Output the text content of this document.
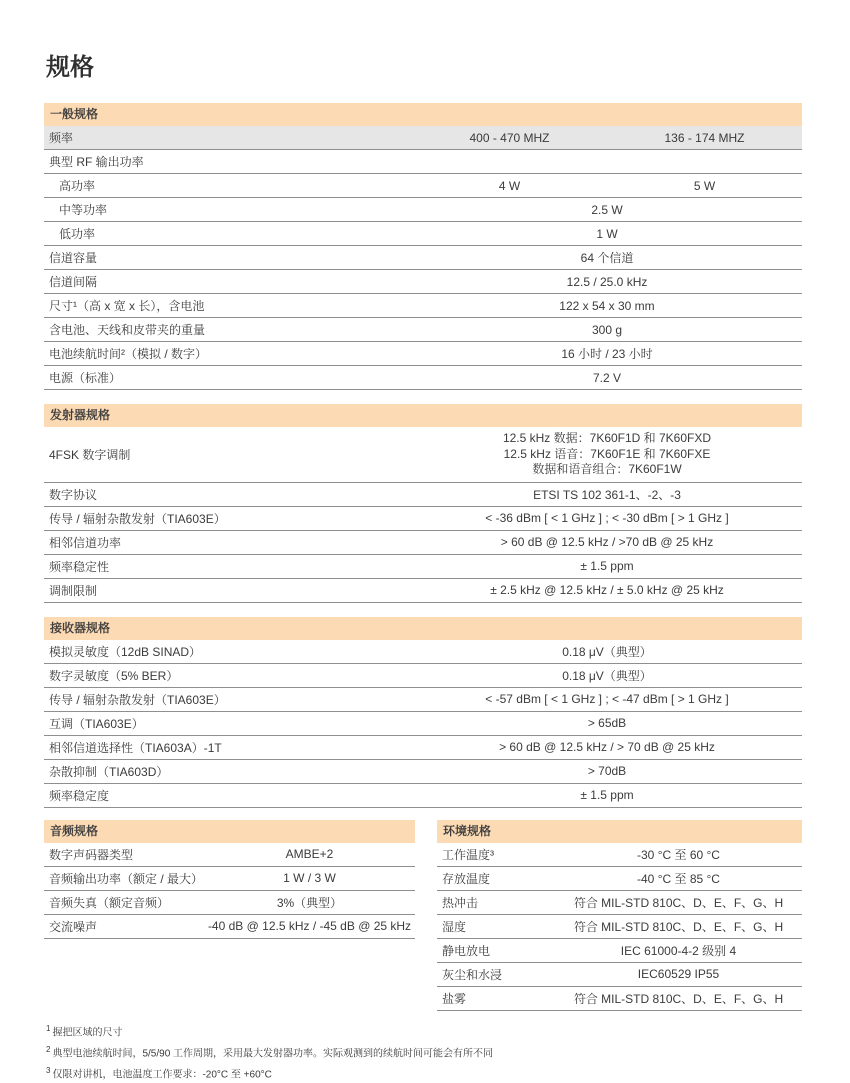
规格
一般规格
频率	400 - 470 MHZ	136 - 174 MHZ
典型 RF 输出功率
高功率	4 W	5 W
中等功率	2.5 W
低功率	1 W
信道容量	64 个信道
信道间隔	12.5 / 25.0 kHz
尺寸¹（高 x 宽 x 长），含电池	122 x 54 x 30 mm
含电池、天线和皮带夹的重量	300 g
电池续航时间²（模拟 / 数字）	16 小时 / 23 小时
电源（标准）	7.2 V
发射器规格
4FSK 数字调制
12.5 kHz 数据：7K60F1D 和 7K60FXD
12.5 kHz 语音：7K60F1E 和 7K60FXE
数据和语音组合：7K60F1W
数字协议	ETSI TS 102 361-1、-2、-3
传导 / 辐射杂散发射（TIA603E）	< -36 dBm [ < 1 GHz ] ; < -30 dBm [ > 1 GHz ]
相邻信道功率	> 60 dB @ 12.5 kHz / >70 dB @ 25 kHz
频率稳定性	± 1.5 ppm
调制限制	± 2.5 kHz @ 12.5 kHz / ± 5.0 kHz @ 25 kHz
接收器规格
模拟灵敏度（12dB SINAD）	0.18 μV（典型）
数字灵敏度（5% BER）	0.18 μV（典型）
传导 / 辐射杂散发射（TIA603E）	< -57 dBm [ < 1 GHz ] ; < -47 dBm [ > 1 GHz ]
互调（TIA603E）	> 65dB
相邻信道选择性（TIA603A）-1T	> 60 dB @ 12.5 kHz / > 70 dB @ 25 kHz
杂散抑制（TIA603D）	> 70dB
频率稳定度	± 1.5 ppm
音频规格
数字声码器类型	AMBE+2
音频输出功率（额定 / 最大）	1 W / 3 W
音频失真（额定音频）	3%（典型）
交流噪声	-40 dB @ 12.5 kHz / -45 dB @ 25 kHz
环境规格
工作温度³	-30 °C 至 60 °C
存放温度	-40 °C 至 85 °C
热冲击	符合 MIL-STD 810C、D、E、F、G、H
湿度	符合 MIL-STD 810C、D、E、F、G、H
静电放电	IEC 61000-4-2 级别 4
灰尘和水浸	IEC60529 IP55
盐雾	符合 MIL-STD 810C、D、E、F、G、H
$^1$ 握把区域的尺寸
$^2$ 典型电池续航时间，5/5/90 工作周期，采用最大发射器功率。实际观测到的续航时间可能会有所不同
$^3$ 仅限对讲机，电池温度工作要求：-20°C 至 +60°C
